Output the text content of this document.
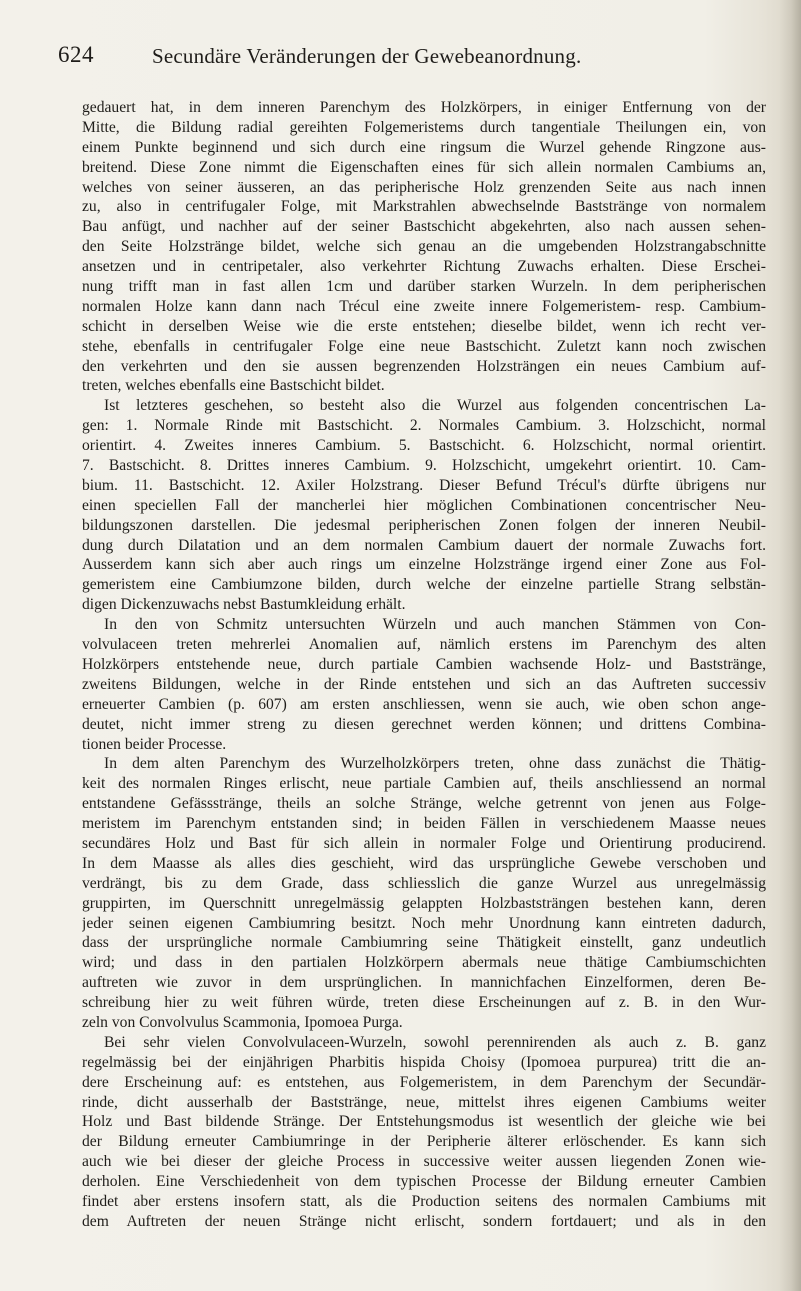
624	Secundäre Veränderungen der Gewebeanordnung.
gedauert hat, in dem inneren Parenchym des Holzkörpers, in einiger Entfernung von der
Mitte, die Bildung radial gereihten Folgemeristems durch tangentiale Theilungen ein, von
einem Punkte beginnend und sich durch eine ringsum die Wurzel gehende Ringzone aus-
breitend. Diese Zone nimmt die Eigenschaften eines für sich allein normalen Cambiums an,
welches von seiner äusseren, an das peripherische Holz grenzenden Seite aus nach innen
zu, also in centrifugaler Folge, mit Markstrahlen abwechselnde Baststränge von normalem
Bau anfügt, und nachher auf der seiner Bastschicht abgekehrten, also nach aussen sehen-
den Seite Holzstränge bildet, welche sich genau an die umgebenden Holzstrangabschnitte
ansetzen und in centripetaler, also verkehrter Richtung Zuwachs erhalten. Diese Erschei-
nung trifft man in fast allen 1cm und darüber starken Wurzeln. In dem peripherischen
normalen Holze kann dann nach Trécul eine zweite innere Folgemeristem- resp. Cambium-
schicht in derselben Weise wie die erste entstehen; dieselbe bildet, wenn ich recht ver-
stehe, ebenfalls in centrifugaler Folge eine neue Bastschicht. Zuletzt kann noch zwischen
den verkehrten und den sie aussen begrenzenden Holzsträngen ein neues Cambium auf-
treten, welches ebenfalls eine Bastschicht bildet.
Ist letzteres geschehen, so besteht also die Wurzel aus folgenden concentrischen La-
gen: 1. Normale Rinde mit Bastschicht. 2. Normales Cambium. 3. Holzschicht, normal
orientirt. 4. Zweites inneres Cambium. 5. Bastschicht. 6. Holzschicht, normal orientirt.
7. Bastschicht. 8. Drittes inneres Cambium. 9. Holzschicht, umgekehrt orientirt. 10. Cam-
bium. 11. Bastschicht. 12. Axiler Holzstrang. Dieser Befund Trécul's dürfte übrigens nur
einen speciellen Fall der mancherlei hier möglichen Combinationen concentrischer Neu-
bildungszonen darstellen. Die jedesmal peripherischen Zonen folgen der inneren Neubil-
dung durch Dilatation und an dem normalen Cambium dauert der normale Zuwachs fort.
Ausserdem kann sich aber auch rings um einzelne Holzstränge irgend einer Zone aus Fol-
gemeristem eine Cambiumzone bilden, durch welche der einzelne partielle Strang selbstän-
digen Dickenzuwachs nebst Bastumkleidung erhält.
In den von Schmitz untersuchten Würzeln und auch manchen Stämmen von Con-
volvulaceen treten mehrerlei Anomalien auf, nämlich erstens im Parenchym des alten
Holzkörpers entstehende neue, durch partiale Cambien wachsende Holz- und Baststränge,
zweitens Bildungen, welche in der Rinde entstehen und sich an das Auftreten successiv
erneuerter Cambien (p. 607) am ersten anschliessen, wenn sie auch, wie oben schon ange-
deutet, nicht immer streng zu diesen gerechnet werden können; und drittens Combina-
tionen beider Processe.
In dem alten Parenchym des Wurzelholzkörpers treten, ohne dass zunächst die Thätig-
keit des normalen Ringes erlischt, neue partiale Cambien auf, theils anschliessend an normal
entstandene Gefässstränge, theils an solche Stränge, welche getrennt von jenen aus Folge-
meristem im Parenchym entstanden sind; in beiden Fällen in verschiedenem Maasse neues
secundäres Holz und Bast für sich allein in normaler Folge und Orientirung producirend.
In dem Maasse als alles dies geschieht, wird das ursprüngliche Gewebe verschoben und
verdrängt, bis zu dem Grade, dass schliesslich die ganze Wurzel aus unregelmässig
gruppirten, im Querschnitt unregelmässig gelappten Holzbaststrängen bestehen kann, deren
jeder seinen eigenen Cambiumring besitzt. Noch mehr Unordnung kann eintreten dadurch,
dass der ursprüngliche normale Cambiumring seine Thätigkeit einstellt, ganz undeutlich
wird; und dass in den partialen Holzkörpern abermals neue thätige Cambiumschichten
auftreten wie zuvor in dem ursprünglichen. In mannichfachen Einzelformen, deren Be-
schreibung hier zu weit führen würde, treten diese Erscheinungen auf z. B. in den Wur-
zeln von Convolvulus Scammonia, Ipomoea Purga.
Bei sehr vielen Convolvulaceen-Wurzeln, sowohl perennirenden als auch z. B. ganz
regelmässig bei der einjährigen Pharbitis hispida Choisy (Ipomoea purpurea) tritt die an-
dere Erscheinung auf: es entstehen, aus Folgemeristem, in dem Parenchym der Secundär-
rinde, dicht ausserhalb der Baststränge, neue, mittelst ihres eigenen Cambiums weiter
Holz und Bast bildende Stränge. Der Entstehungsmodus ist wesentlich der gleiche wie bei
der Bildung erneuter Cambiumringe in der Peripherie älterer erlöschender. Es kann sich
auch wie bei dieser der gleiche Process in successive weiter aussen liegenden Zonen wie-
derholen. Eine Verschiedenheit von dem typischen Processe der Bildung erneuter Cambien
findet aber erstens insofern statt, als die Production seitens des normalen Cambiums mit
dem Auftreten der neuen Stränge nicht erlischt, sondern fortdauert; und als in den
